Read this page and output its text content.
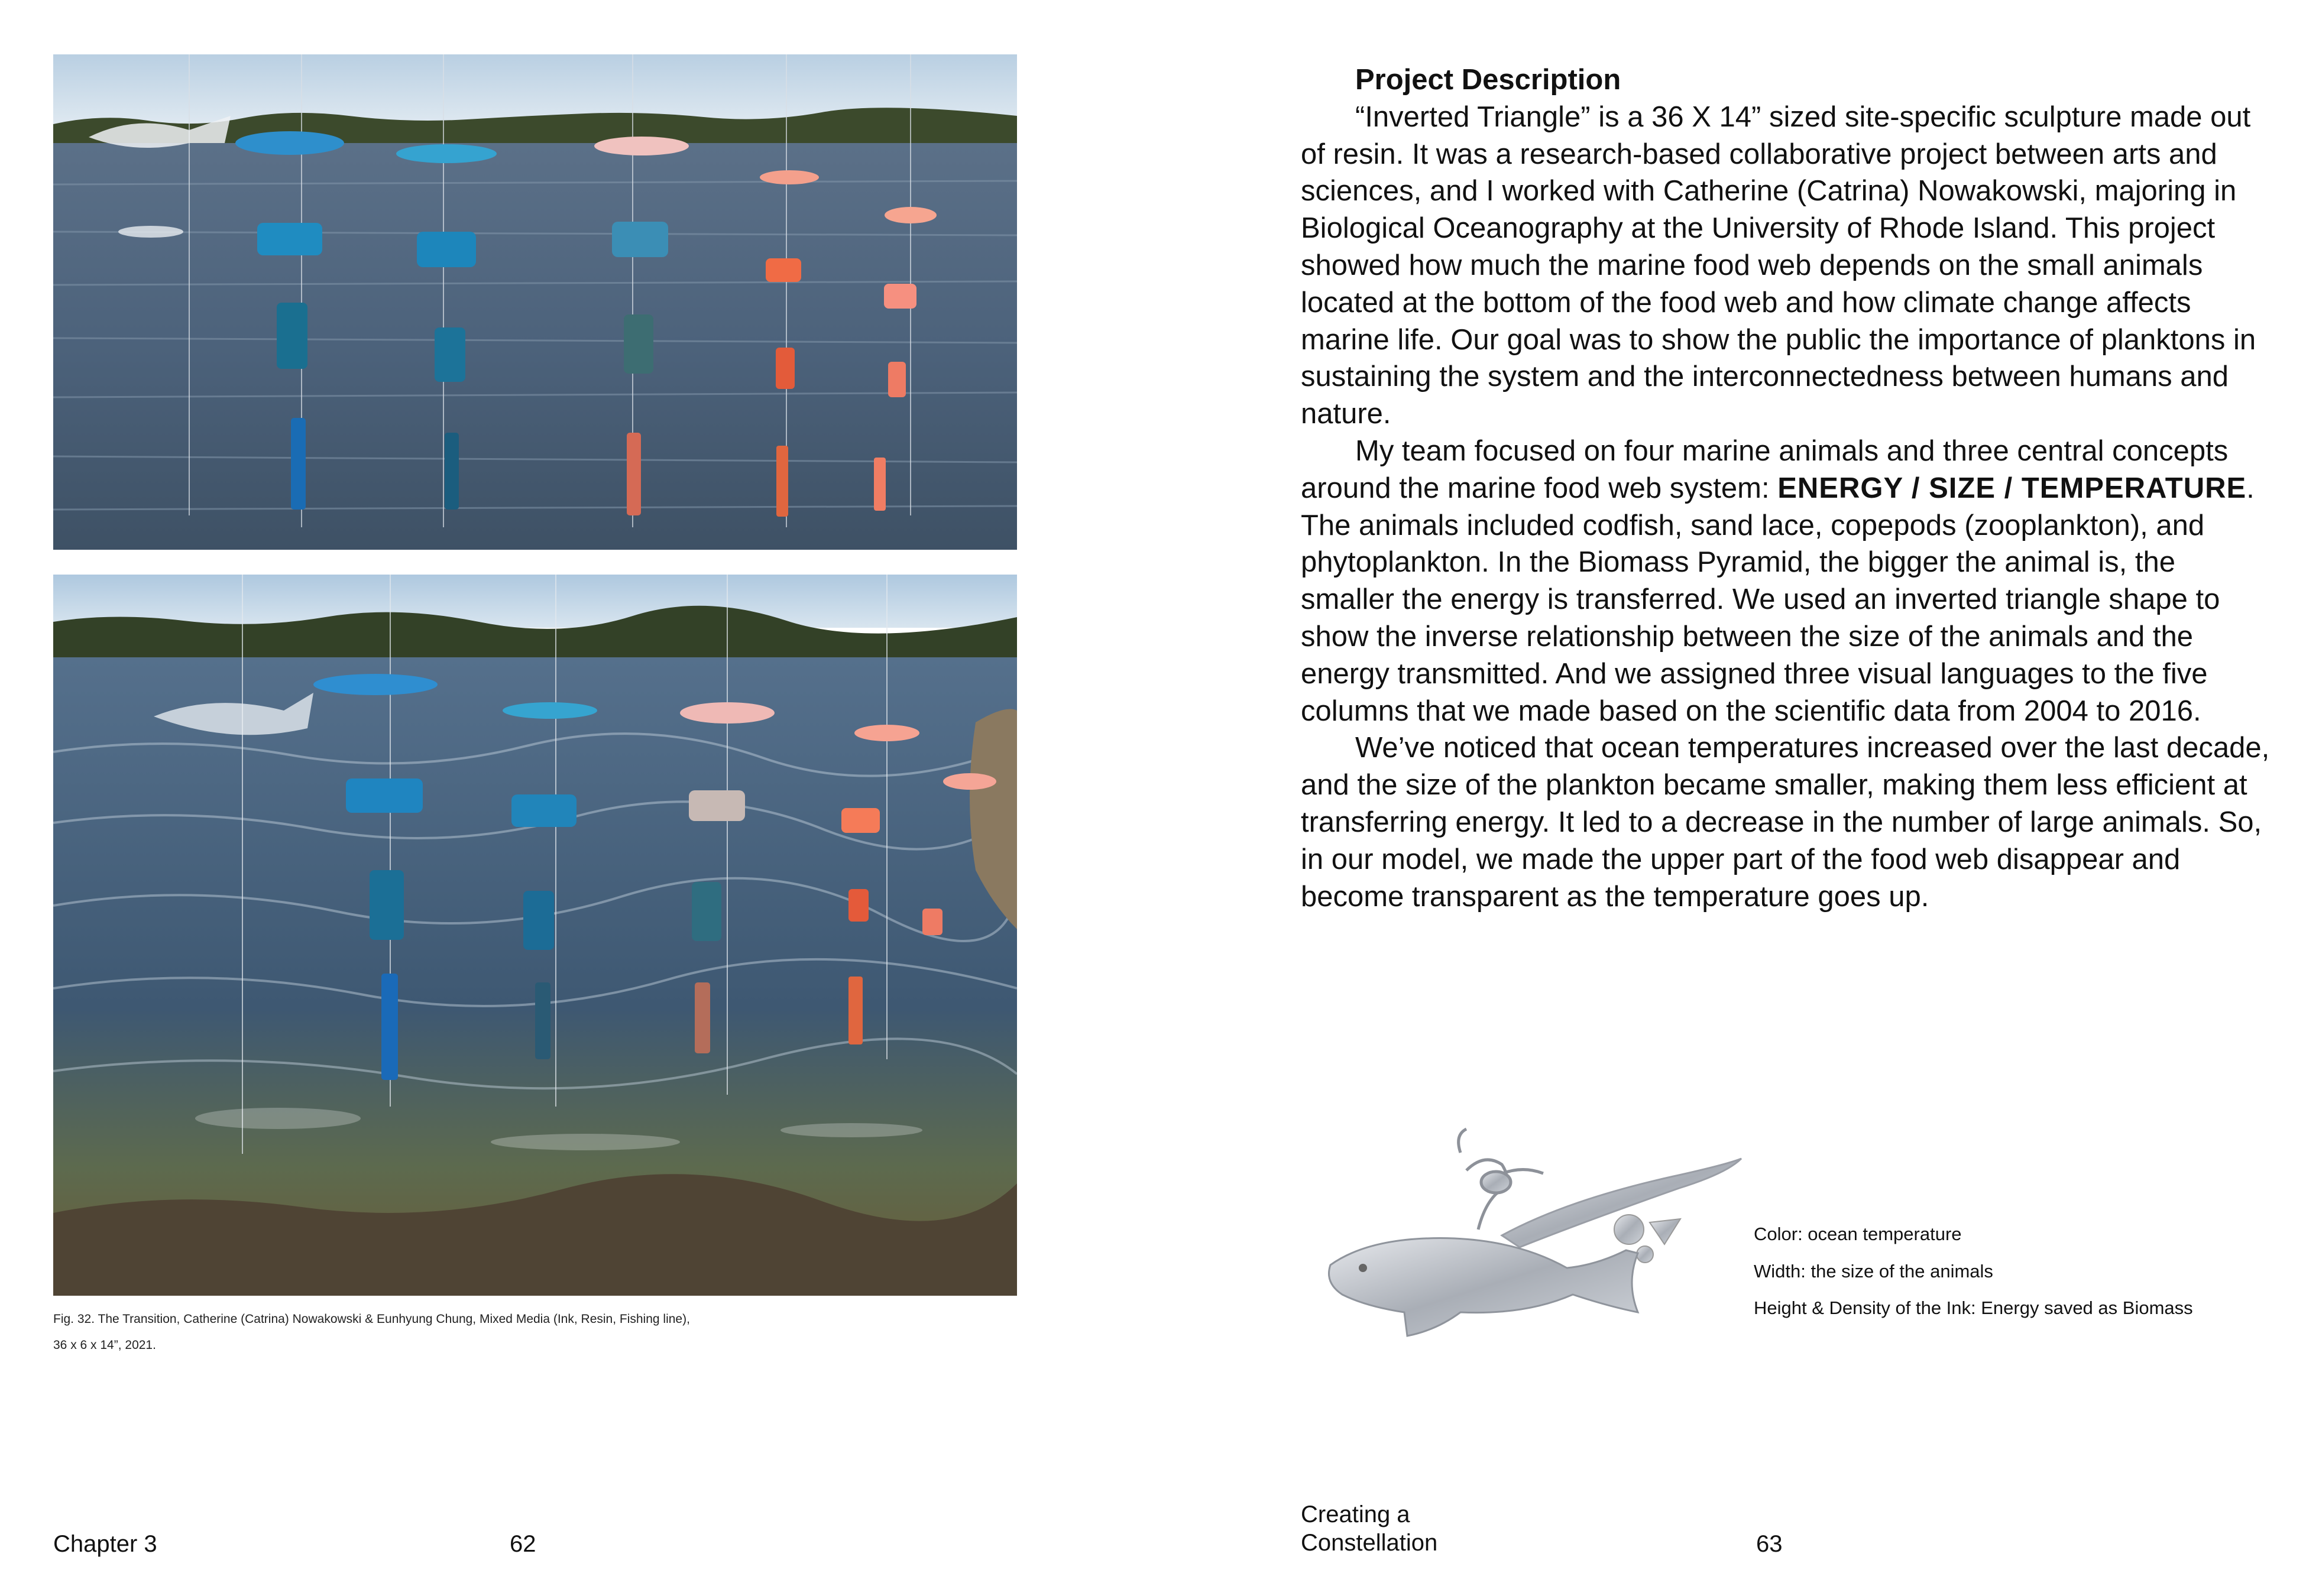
Fig. 32. The Transition, Catherine (Catrina) Nowakowski & Eunhyung Chung, Mixed Media (Ink, Resin, Fishing line), 36 x 6 x 14”, 2021.
Chapter 3	62
Project Description

“Inverted Triangle” is a 36 X 14” sized site-specific sculpture made out of resin. It was a research-based collaborative project between arts and sciences, and I worked with Catherine (Catrina) Nowakowski, majoring in Biological Oceanography at the University of Rhode Island. This project showed how much the marine food web depends on the small animals located at the bottom of the food web and how climate change affects marine life. Our goal was to show the public the importance of planktons in sustaining the system and the interconnectedness between humans and nature.

My team focused on four marine animals and three central concepts around the marine food web system: ENERGY / SIZE / TEMPERATURE. The animals included codfish, sand lace, copepods (zooplankton), and phytoplankton. In the Biomass Pyramid, the bigger the animal is, the smaller the energy is transferred. We used an inverted triangle shape to show the inverse relationship between the size of the animals and the energy transmitted. And we assigned three visual languages to the five columns that we made based on the scientific data from 2004 to 2016.

We’ve noticed that ocean temperatures increased over the last decade, and the size of the plankton became smaller, making them less efficient at transferring energy. It led to a decrease in the number of large animals. So, in our model, we made the upper part of the food web disappear and become transparent as the temperature goes up.

Color: ocean temperature
Width: the size of the animals
Height & Density of the Ink: Energy saved as Biomass
Creating a Constellation	63
